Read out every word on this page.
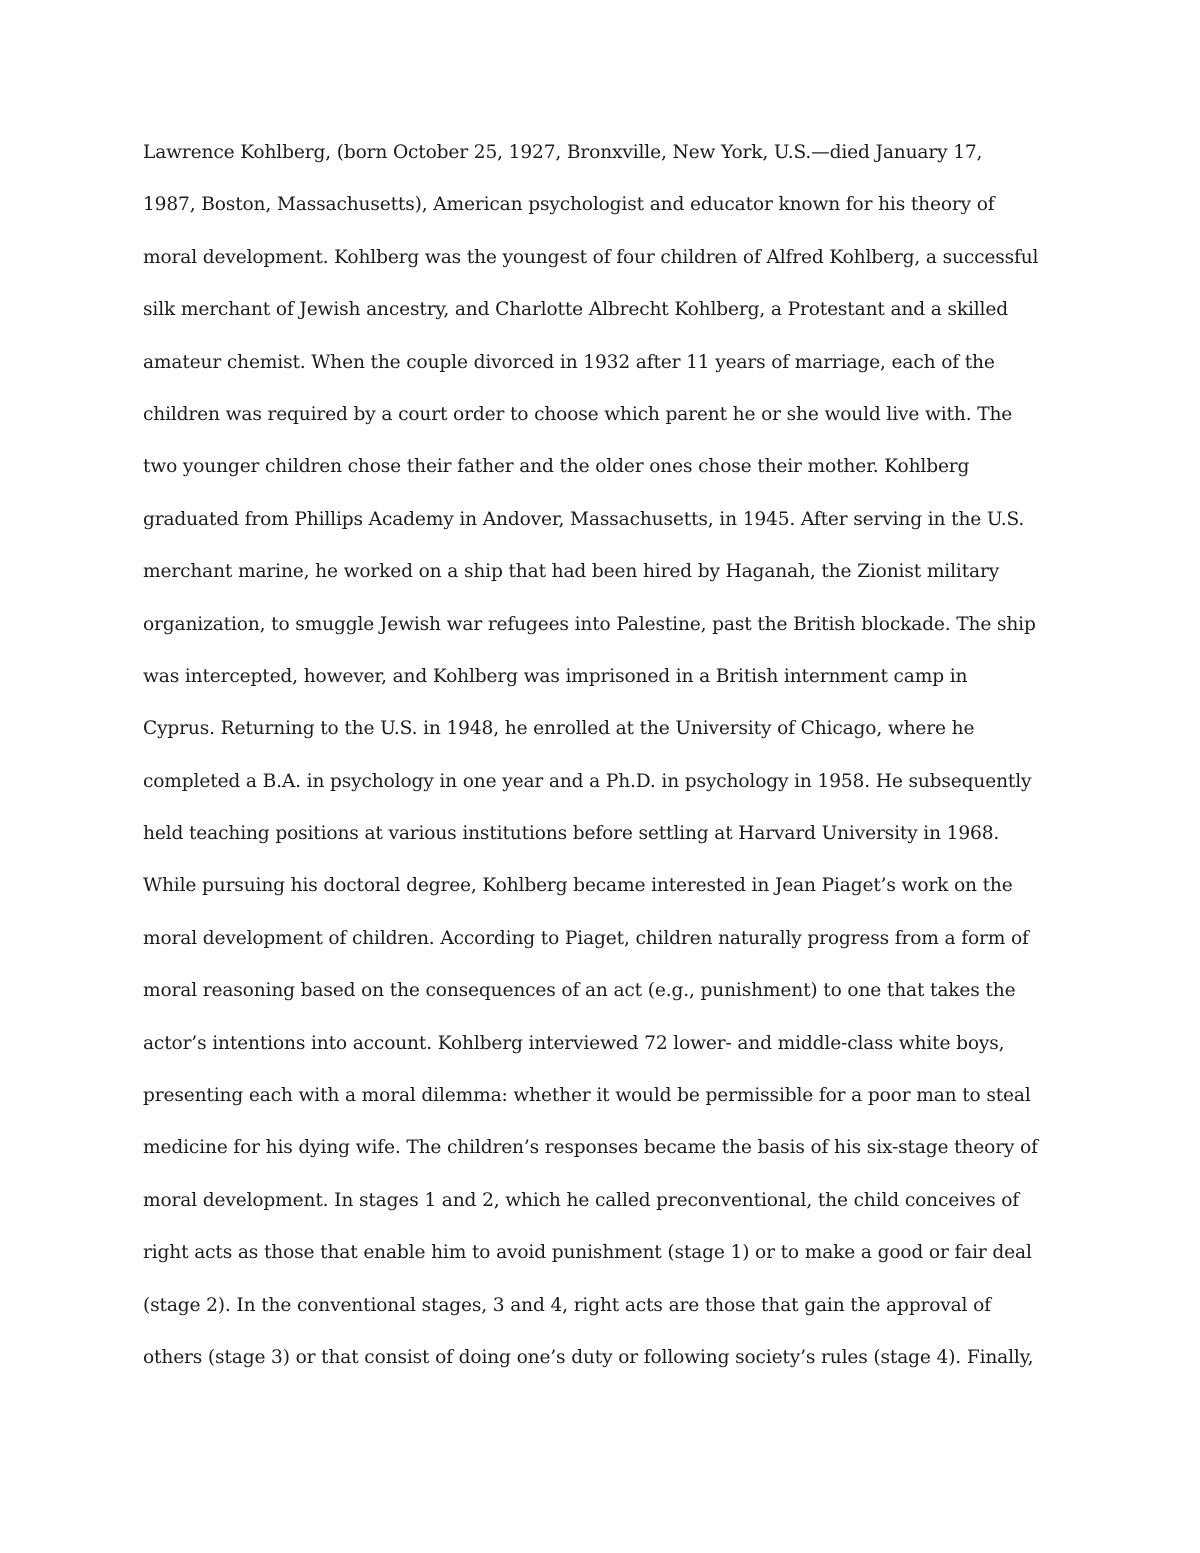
Lawrence Kohlberg, (born October 25, 1927, Bronxville, New York, U.S.—died January 17,
1987, Boston, Massachusetts), American psychologist and educator known for his theory of
moral development. Kohlberg was the youngest of four children of Alfred Kohlberg, a successful
silk merchant of Jewish ancestry, and Charlotte Albrecht Kohlberg, a Protestant and a skilled
amateur chemist. When the couple divorced in 1932 after 11 years of marriage, each of the
children was required by a court order to choose which parent he or she would live with. The
two younger children chose their father and the older ones chose their mother. Kohlberg
graduated from Phillips Academy in Andover, Massachusetts, in 1945. After serving in the U.S.
merchant marine, he worked on a ship that had been hired by Haganah, the Zionist military
organization, to smuggle Jewish war refugees into Palestine, past the British blockade. The ship
was intercepted, however, and Kohlberg was imprisoned in a British internment camp in
Cyprus. Returning to the U.S. in 1948, he enrolled at the University of Chicago, where he
completed a B.A. in psychology in one year and a Ph.D. in psychology in 1958. He subsequently
held teaching positions at various institutions before settling at Harvard University in 1968.
While pursuing his doctoral degree, Kohlberg became interested in Jean Piaget’s work on the
moral development of children. According to Piaget, children naturally progress from a form of
moral reasoning based on the consequences of an act (e.g., punishment) to one that takes the
actor’s intentions into account. Kohlberg interviewed 72 lower- and middle-class white boys,
presenting each with a moral dilemma: whether it would be permissible for a poor man to steal
medicine for his dying wife. The children’s responses became the basis of his six-stage theory of
moral development. In stages 1 and 2, which he called preconventional, the child conceives of
right acts as those that enable him to avoid punishment (stage 1) or to make a good or fair deal
(stage 2). In the conventional stages, 3 and 4, right acts are those that gain the approval of
others (stage 3) or that consist of doing one’s duty or following society’s rules (stage 4). Finally,
